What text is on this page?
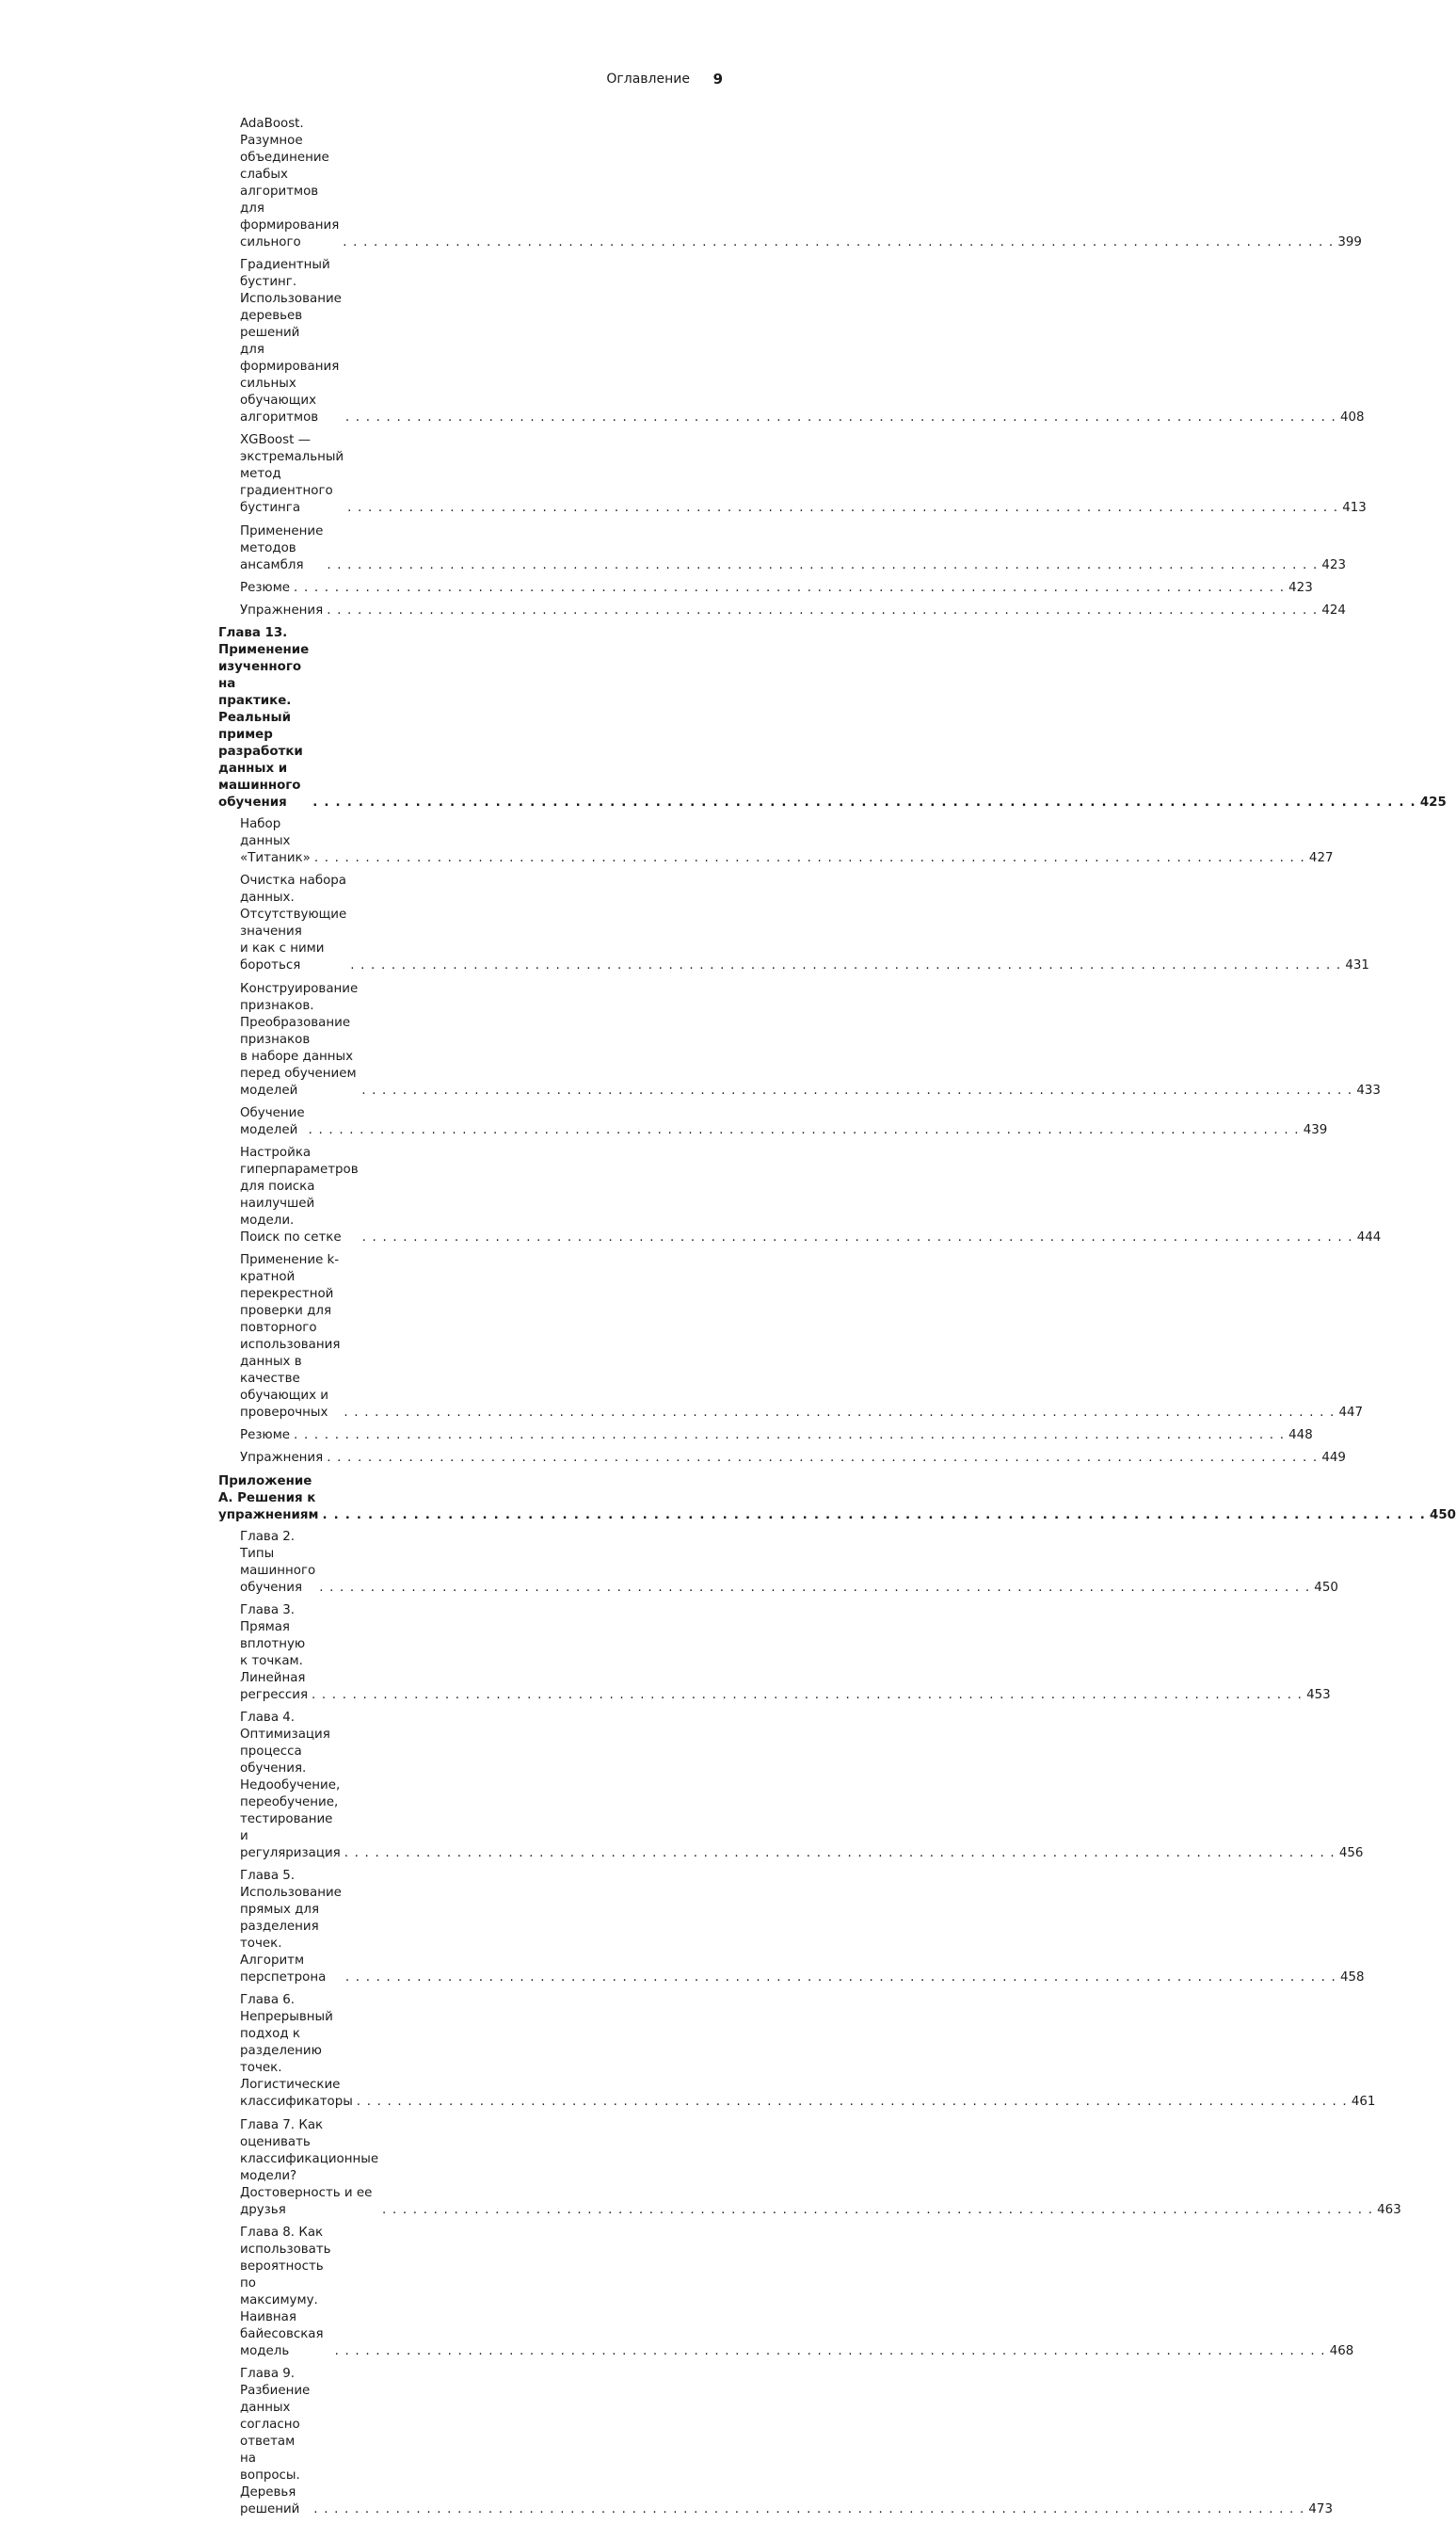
Оглавление 9
AdaBoost. Разумное объединение слабых алгоритмов
для формирования сильного . . .	399
Градиентный бустинг. Использование деревьев решений
для формирования сильных обучающих алгоритмов . . .	408
XGBoost — экстремальный метод градиентного бустинга . . .	413
Применение методов ансамбля . . .	423
Резюме . . .	423
Упражнения . . .	424
Глава 13. Применение изученного на практике. Реальный пример
разработки данных и машинного обучения . . .	425
Набор данных «Титаник» . . .	427
Очистка набора данных. Отсутствующие значения
и как с ними бороться . . .	431
Конструирование признаков. Преобразование признаков
в наборе данных перед обучением моделей . . .	433
Обучение моделей . . .	439
Настройка гиперпараметров для поиска наилучшей модели.
Поиск по сетке . . .	444
Применение k-кратной перекрестной проверки для повторного
использования данных в качестве обучающих и проверочных . . .	447
Резюме . . .	448
Упражнения . . .	449
Приложение А. Решения к упражнениям . . .	450
Глава 2. Типы машинного обучения . . .	450
Глава 3. Прямая вплотную к точкам. Линейная регрессия . . .	453
Глава 4. Оптимизация процесса обучения. Недообучение,
переобучение, тестирование и регуляризация . . .	456
Глава 5. Использование прямых для разделения точек.
Алгоритм перспетрона . . .	458
Глава 6. Непрерывный подход к разделению точек.
Логистические классификаторы . . .	461
Глава 7. Как оценивать классификационные модели?
Достоверность и ее друзья . . .	463
Глава 8. Как использовать вероятность по максимуму.
Наивная байесовская модель . . .	468
Глава 9. Разбиение данных согласно ответам на вопросы.
Деревья решений . . .	473
